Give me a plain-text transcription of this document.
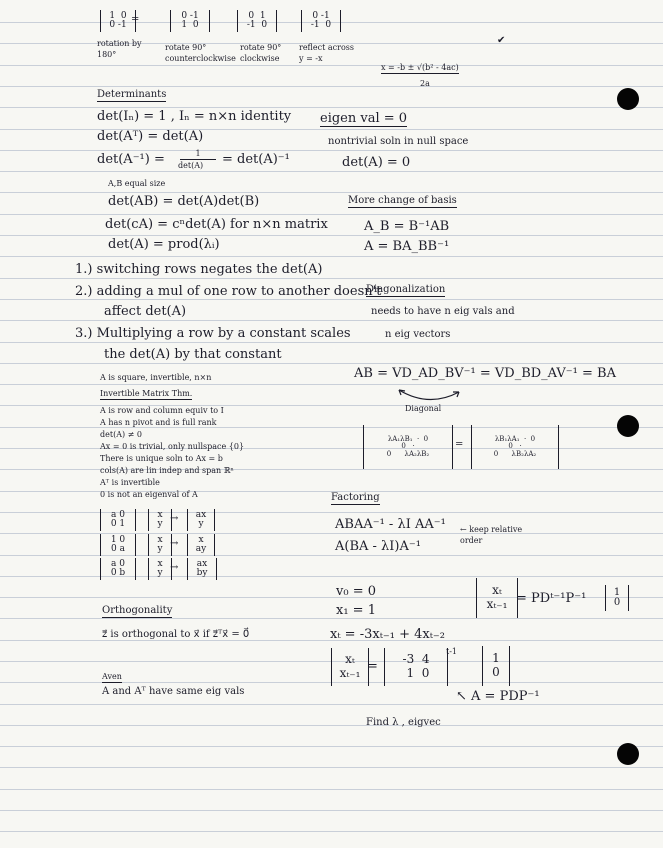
1  0
0 -1 =
rotation by
180°
0 -1
1  0
rotate 90°
counterclockwise
0  1
-1  0
rotate 90°
clockwise
0 -1
-1  0
reflect across
y = -x
✔
x = -b ± √(b² - 4ac)
2a
Determinants
det(Iₙ) = 1 , Iₙ = n×n identity
det(Aᵀ) = det(A)
det(A⁻¹) =	1
det(A) = det(A)⁻¹
A,B equal size
det(AB) = det(A)det(B)
det(cA) = cⁿdet(A) for n×n matrix
det(A) = prod(λᵢ)
eigen val = 0
nontrivial soln in null space
det(A) = 0
More change of basis
A_B = B⁻¹AB
A = BA_BB⁻¹
1.) switching rows negates the det(A)
2.) adding a mul of one row to another doesn't
affect det(A)
3.) Multiplying a row by a constant scales
the det(A) by that constant
Diagonalization
needs to have n eig vals and
n eig vectors
AB = VD_AD_BV⁻¹ = VD_BD_AV⁻¹ = BA
Diagonal
λA₁λB₁  ·  0
0   ·
0      λA₂λB₂
=
λB₁λA₁  ·  0
0   ·
0      λB₂λA₂
A is square, invertible, n×n
Invertible Matrix Thm.
A is row and column equiv to I
A has n pivot and is full rank
det(A) ≠ 0
Ax = 0 is trivial, only nullspace {0}
There is unique soln to Ax = b
cols(A) are lin indep and span ℝⁿ
Aᵀ is invertible
0 is not an eigenval of A
a 0
0 1
x
y →	ax
y
1 0
0 a
x
y →	x
ay
a 0
0 b
x
y →	ax
by
Factoring
ABAA⁻¹ - λI AA⁻¹
A(BA - λI)A⁻¹
← keep relative
order
Orthogonality
z⃗ is orthogonal to x⃗ if z⃗ᵀx⃗ = 0⃗
v₀ = 0
x₁ = 1
xₜ
xₜ₋₁ = PDᵗ⁻¹P⁻¹	1
0
xₜ = -3xₜ₋₁ + 4xₜ₋₂
xₜ
xₜ₋₁ =	-3  4
1  0
t-1	1
0
↖ A = PDP⁻¹
Find λ , eigvec
Aven
A and Aᵀ have same eig vals
